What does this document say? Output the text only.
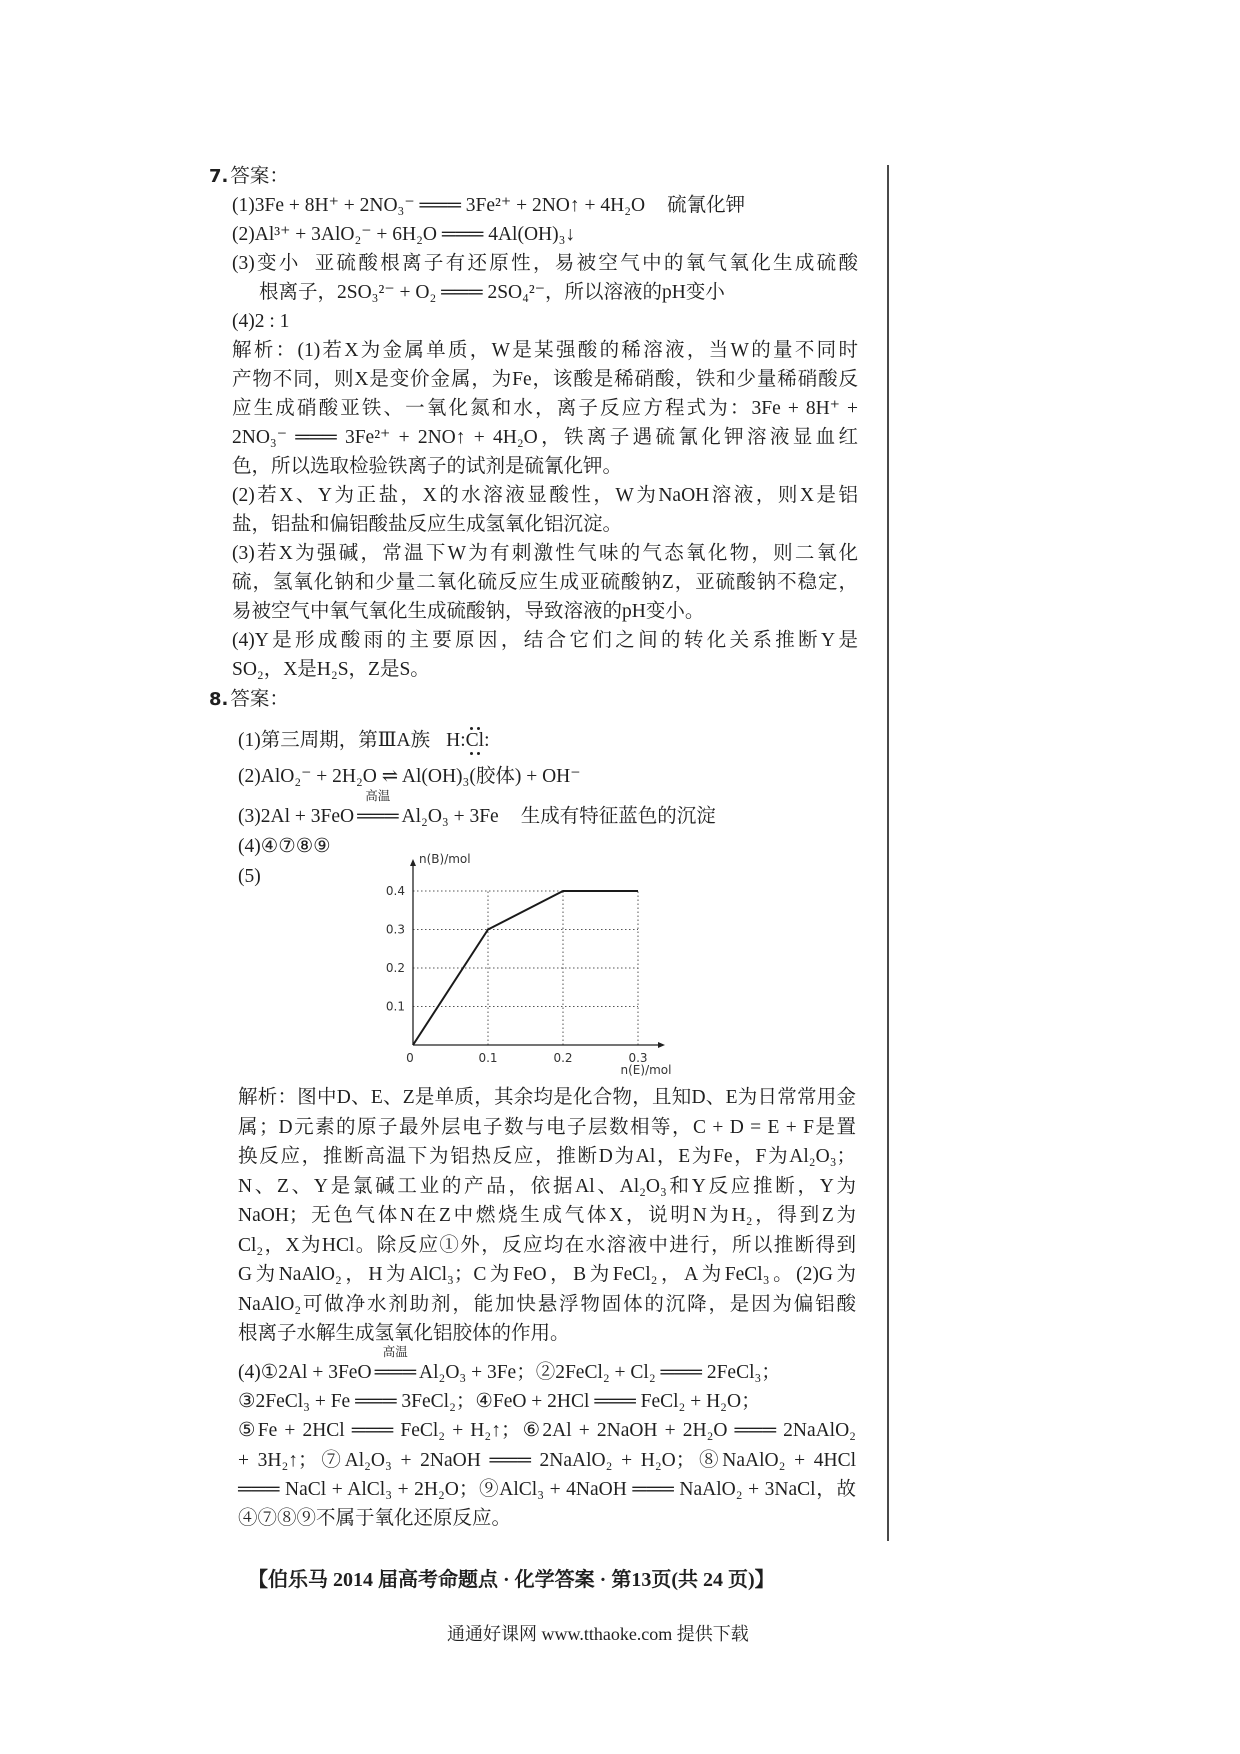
7. 答案：
(1)3Fe + 8H⁺ + 2NO₃⁻ ═══ 3Fe²⁺ + 2NO↑ + 4H₂O 硫氰化钾
(2)Al³⁺ + 3AlO₂⁻ + 6H₂O ═══ 4Al(OH)₃↓
(3)变小 亚硫酸根离子有还原性，易被空气中的氧气氧化生成硫酸
根离子，2SO₃²⁻ + O₂ ═══ 2SO₄²⁻，所以溶液的pH变小
(4)2 : 1
解析：(1)若X为金属单质，W是某强酸的稀溶液，当W的量不同时
产物不同，则X是变价金属，为Fe，该酸是稀硝酸，铁和少量稀硝酸反
应生成硝酸亚铁、一氧化氮和水，离子反应方程式为：3Fe + 8H⁺ +
2NO₃⁻ ═══ 3Fe²⁺ + 2NO↑ + 4H₂O，铁离子遇硫氰化钾溶液显血红
色，所以选取检验铁离子的试剂是硫氰化钾。
(2)若X、Y为正盐，X的水溶液显酸性，W为NaOH溶液，则X是铝
盐，铝盐和偏铝酸盐反应生成氢氧化铝沉淀。
(3)若X为强碱，常温下W为有刺激性气味的气态氧化物，则二氧化
硫，氢氧化钠和少量二氧化硫反应生成亚硫酸钠Z，亚硫酸钠不稳定，
易被空气中氧气氧化生成硫酸钠，导致溶液的pH变小。
(4)Y是形成酸雨的主要原因，结合它们之间的转化关系推断Y是
SO₂，X是H₂S，Z是S。
8. 答案：
(1)第三周期，第ⅢA族 H:Cl:
(2)AlO₂⁻ + 2H₂O ⇌ Al(OH)₃(胶体) + OH⁻
(3)2Al + 3FeO
高温
═══ Al₂O₃ + 3Fe 生成有特征蓝色的沉淀
(4)④⑦⑧⑨
(5)
0.1
0.2
0.3
0.4
0	0.1	0.2	0.3
n(B)/mol
n(E)/mol
解析：图中D、E、Z是单质，其余均是化合物，且知D、E为日常常用金
属；D元素的原子最外层电子数与电子层数相等，C + D = E + F是置
换反应，推断高温下为铝热反应，推断D为Al，E为Fe，F为Al₂O₃；
N、Z、Y是氯碱工业的产品，依据Al、Al₂O₃和Y反应推断，Y为
NaOH；无色气体N在Z中燃烧生成气体X，说明N为H₂，得到Z为
Cl₂，X为HCl。除反应①外，反应均在水溶液中进行，所以推断得到
G为NaAlO₂，H为AlCl₃；C为FeO，B为FeCl₂，A为FeCl₃。(2)G为
NaAlO₂可做净水剂助剂，能加快悬浮物固体的沉降，是因为偏铝酸
根离子水解生成氢氧化铝胶体的作用。
(4)①2Al + 3FeO
高温
═══ Al₂O₃ + 3Fe；②2FeCl₂ + Cl₂ ═══ 2FeCl₃；
③2FeCl₃ + Fe ═══ 3FeCl₂；④FeO + 2HCl ═══ FeCl₂ + H₂O；
⑤Fe + 2HCl ═══ FeCl₂ + H₂↑；⑥2Al + 2NaOH + 2H₂O ═══ 2NaAlO₂
+ 3H₂↑；⑦Al₂O₃ + 2NaOH ═══ 2NaAlO₂ + H₂O；⑧NaAlO₂ + 4HCl
═══ NaCl + AlCl₃ + 2H₂O；⑨AlCl₃ + 4NaOH ═══ NaAlO₂ + 3NaCl，故
④⑦⑧⑨不属于氧化还原反应。
【伯乐马 2014 届高考命题点 · 化学答案 · 第13页(共 24 页)】
通通好课网 www.tthaoke.com 提供下载
